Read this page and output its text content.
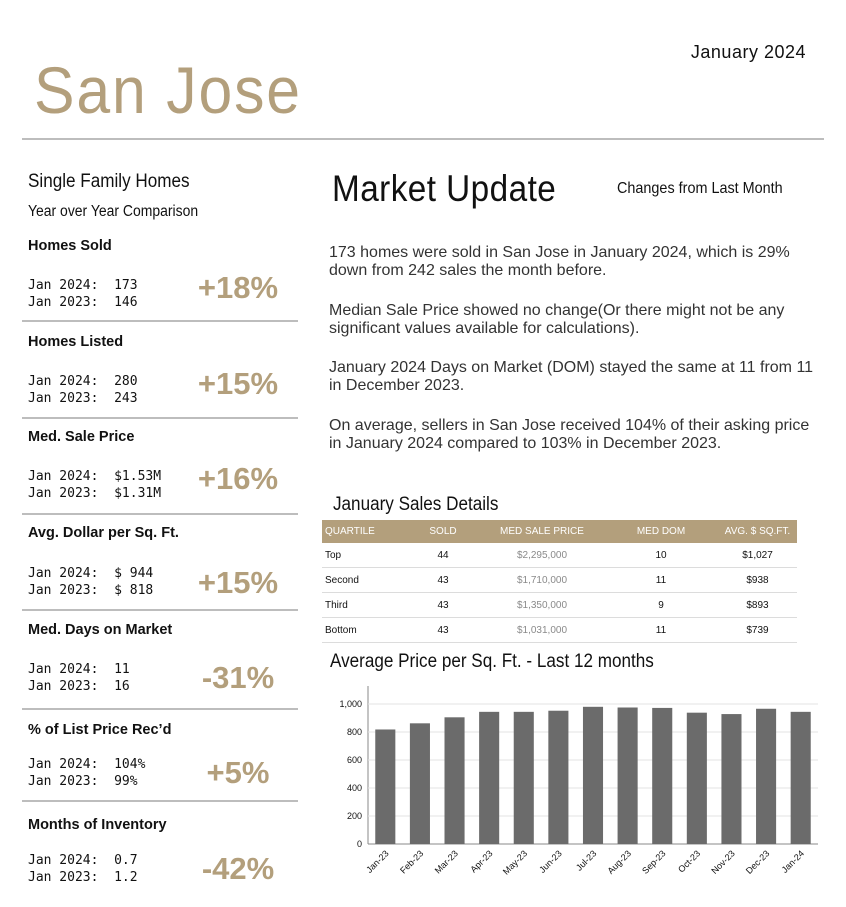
January 2024
San Jose
Single Family Homes
Year over Year Comparison
Homes Sold
Jan 2024:  173
Jan 2023:  146	+18%
Homes Listed
Jan 2024:  280
Jan 2023:  243	+15%
Med. Sale Price
Jan 2024:  $1.53M
Jan 2023:  $1.31M	+16%
Avg. Dollar per Sq. Ft.
Jan 2024:  $ 944
Jan 2023:  $ 818	+15%
Med. Days on Market
Jan 2024:  11
Jan 2023:  16	-31%
% of List Price Rec’d
Jan 2024:  104%
Jan 2023:  99%	+5%
Months of Inventory
Jan 2024:  0.7
Jan 2023:  1.2	-42%
Market Update	Changes from Last Month
173 homes were sold in San Jose in January 2024, which is 29% down from 242 sales the month before.
Median Sale Price showed no change(Or there might not be any significant values available for calculations).
January 2024 Days on Market (DOM) stayed the same at 11 from 11 in December 2023.
On average, sellers in San Jose received 104% of their asking price in January 2024 compared to 103% in December 2023.
January Sales Details
QUARTILE	SOLD	MED SALE PRICE	MED DOM	AVG. $ SQ.FT.
Top	44	$2,295,000	10	$1,027
Second	43	$1,710,000	11	$938
Third	43	$1,350,000	9	$893
Bottom	43	$1,031,000	11	$739
Average Price per Sq. Ft. - Last 12 months
0
200
400
600
800
1,000
Jan-23 Feb-23 Mar-23 Apr-23 May-23 Jun-23 Jul-23 Aug-23 Sep-23 Oct-23 Nov-23 Dec-23 Jan-24
